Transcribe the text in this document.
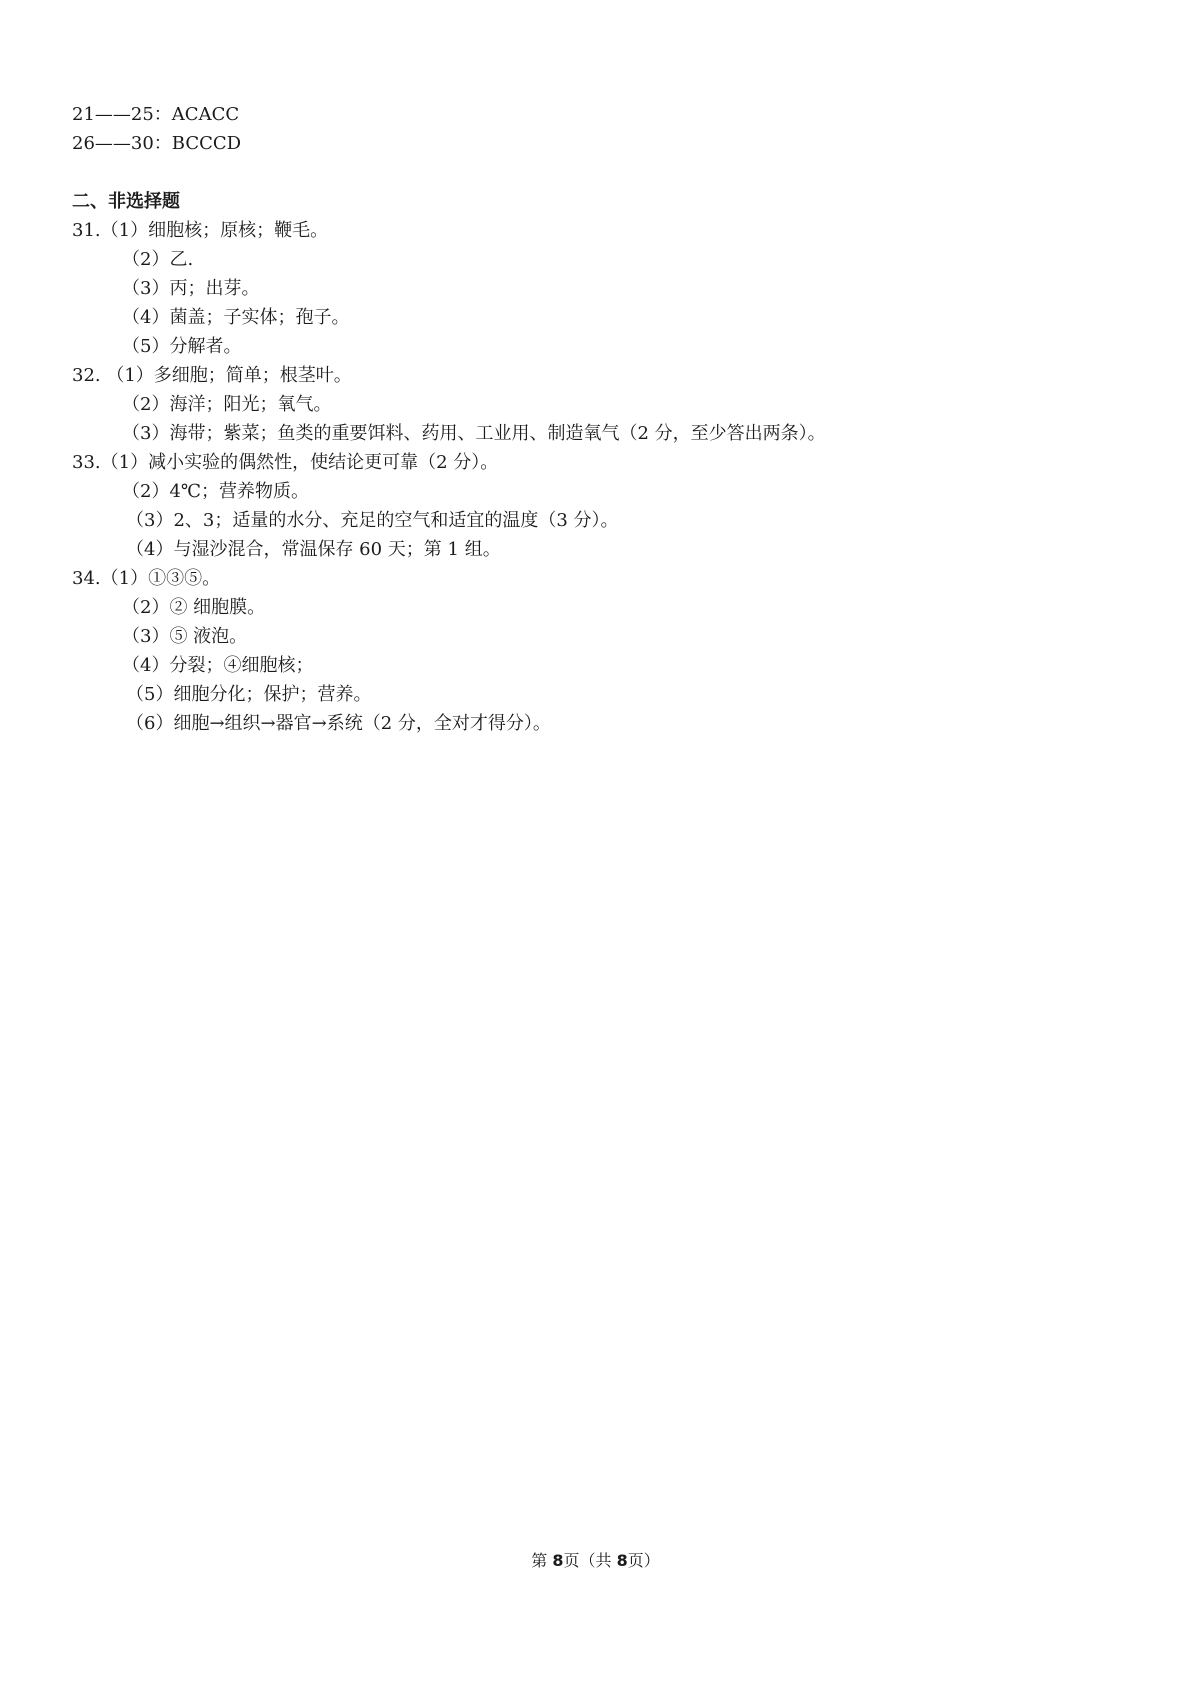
21——25：ACACC
26——30：BCCCD
二、非选择题
31.（1）细胞核；原核；鞭毛。
（2）乙.
（3）丙；出芽。
（4）菌盖；子实体；孢子。
（5）分解者。
32. （1）多细胞；简单；根茎叶。
（2）海洋；阳光；氧气。
（3）海带；紫菜；鱼类的重要饵料、药用、工业用、制造氧气（2 分，至少答出两条）。
33.（1）减小实验的偶然性，使结论更可靠（2 分）。
（2）4℃；营养物质。
（3）2、3；适量的水分、充足的空气和适宜的温度（3 分）。
（4）与湿沙混合，常温保存 60 天；第 1 组。
34.（1）①③⑤。
（2）② 细胞膜。
（3）⑤ 液泡。
（4）分裂；④细胞核；
（5）细胞分化；保护；营养。
（6）细胞→组织→器官→系统（2 分，全对才得分）。
第 8页（共 8页）
